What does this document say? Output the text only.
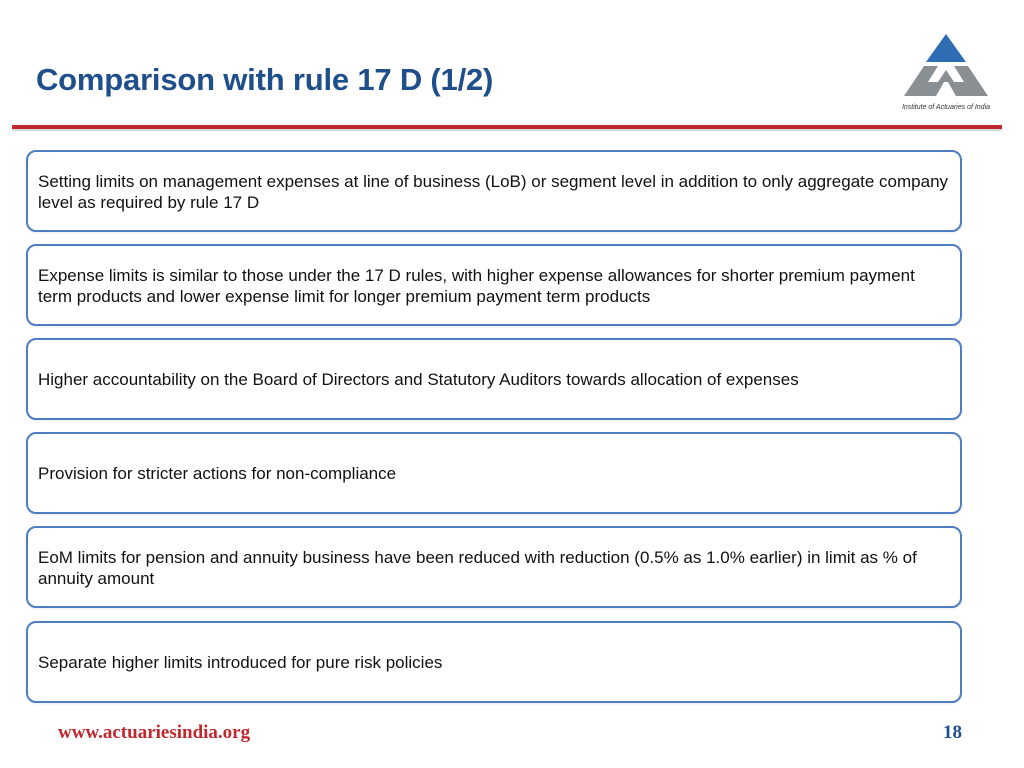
Comparison with rule 17 D (1/2)
Institute of Actuaries of India
Setting limits on management expenses at line of business (LoB) or segment level in addition to only aggregate company level as required by rule 17 D
Expense limits is similar to those under the 17 D rules, with higher expense allowances for shorter premium payment term products and lower expense limit for longer premium payment term products
Higher accountability on the Board of Directors and Statutory Auditors towards allocation of expenses
Provision for stricter actions for non-compliance
EoM limits for pension and annuity business have been reduced with reduction (0.5% as 1.0% earlier) in limit as % of annuity amount
Separate higher limits introduced for pure risk policies
www.actuariesindia.org	18
